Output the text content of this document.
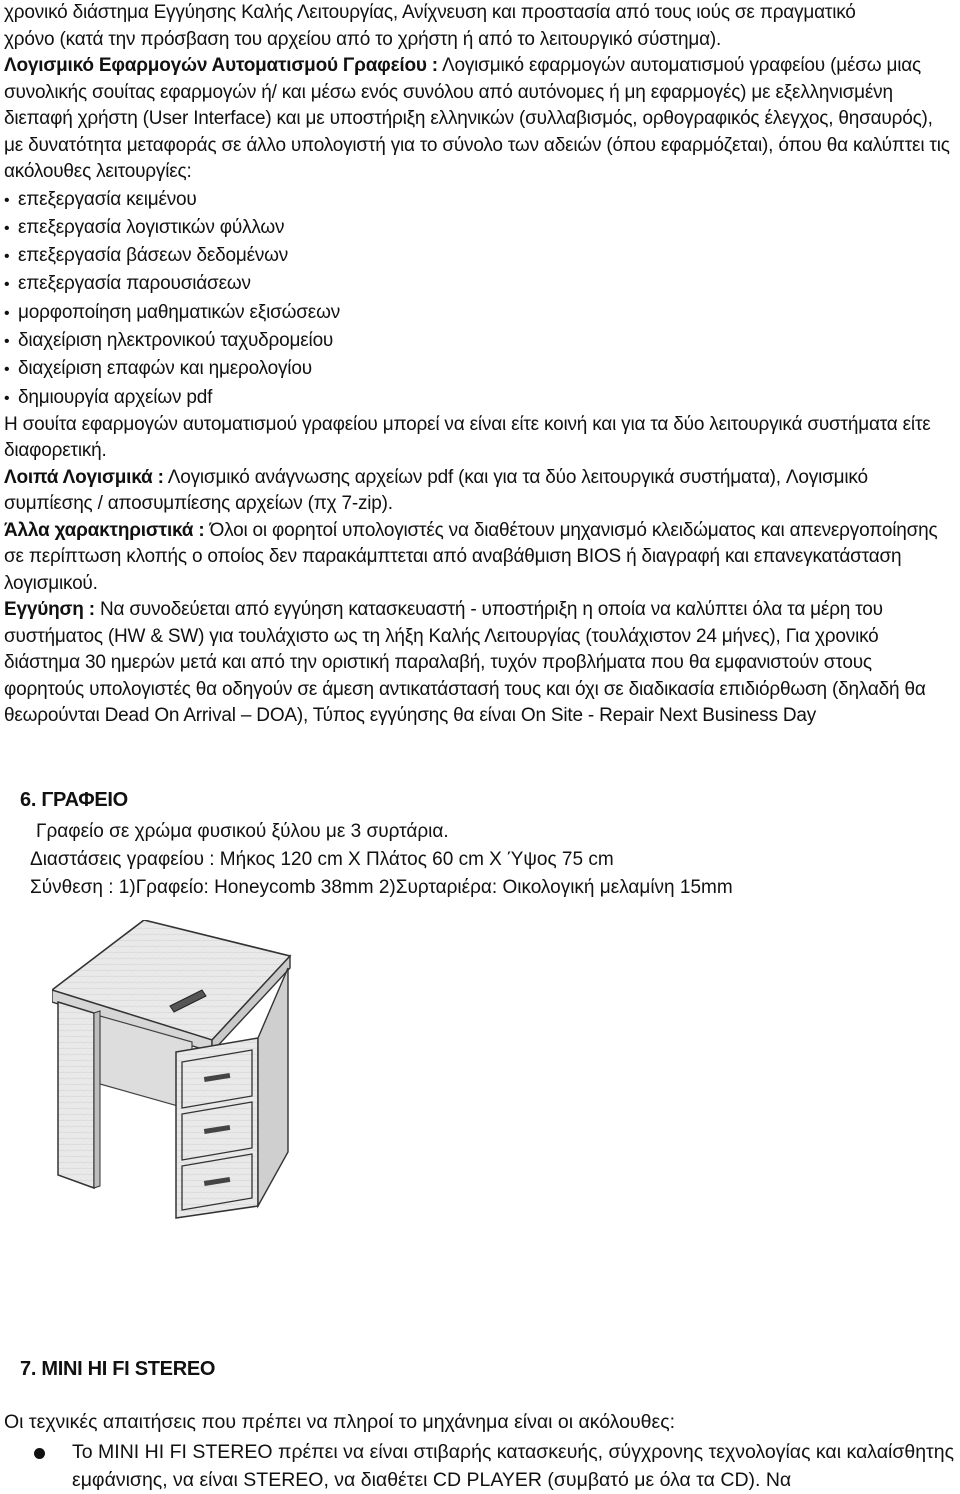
χρονικό διάστημα Εγγύησης Καλής Λειτουργίας, Ανίχνευση και προστασία από τους ιούς σε πραγματικό

χρόνο (κατά την πρόσβαση του αρχείου από το χρήστη ή από το λειτουργικό σύστημα).

Λογισμικό Εφαρμογών Αυτοματισμού Γραφείου : Λογισμικό εφαρμογών αυτοματισμού γραφείου (μέσω μιας συνολικής σουίτας εφαρμογών ή/ και μέσω ενός συνόλου από αυτόνομες ή μη εφαρμογές) με εξελληνισμένη διεπαφή χρήστη (User Interface) και με υποστήριξη ελληνικών (συλλαβισμός, ορθογραφικός έλεγχος, θησαυρός), με δυνατότητα μεταφοράς σε άλλο υπολογιστή για το σύνολο των αδειών (όπου εφαρμόζεται), όπου θα καλύπτει τις ακόλουθες λειτουργίες:

• επεξεργασία κειμένου
• επεξεργασία λογιστικών φύλλων
• επεξεργασία βάσεων δεδομένων
• επεξεργασία παρουσιάσεων
• μορφοποίηση μαθηματικών εξισώσεων
• διαχείριση ηλεκτρονικού ταχυδρομείου
• διαχείριση επαφών και ημερολογίου
• δημιουργία αρχείων pdf

Η σουίτα εφαρμογών αυτοματισμού γραφείου μπορεί να είναι είτε κοινή και για τα δύο λειτουργικά συστήματα είτε διαφορετική.

Λοιπά Λογισμικά : Λογισμικό ανάγνωσης αρχείων pdf (και για τα δύο λειτουργικά συστήματα), Λογισμικό συμπίεσης / αποσυμπίεσης αρχείων (πχ 7-zip).

Άλλα χαρακτηριστικά : Όλοι οι φορητοί υπολογιστές να διαθέτουν μηχανισμό κλειδώματος και απενεργοποίησης σε περίπτωση κλοπής ο οποίος δεν παρακάμπτεται από αναβάθμιση BIOS ή διαγραφή και επανεγκατάσταση λογισμικού.

Εγγύηση : Να συνοδεύεται από εγγύηση κατασκευαστή - υποστήριξη η οποία να καλύπτει όλα τα μέρη του συστήματος (HW & SW) για τουλάχιστο ως τη λήξη Καλής Λειτουργίας (τουλάχιστον 24 μήνες), Για χρονικό διάστημα 30 ημερών μετά και από την οριστική παραλαβή, τυχόν προβλήματα που θα εμφανιστούν στους φορητούς υπολογιστές θα οδηγούν σε άμεση αντικατάστασή τους και όχι σε διαδικασία επιδιόρθωση (δηλαδή θα θεωρούνται Dead On Arrival – DOA), Τύπος εγγύησης θα είναι On Site - Repair Next Business Day

6. ΓΡΑΦΕΙΟ
Γραφείο σε χρώμα φυσικού ξύλου με 3 συρτάρια.
Διαστάσεις γραφείου : Μήκος 120 cm Χ Πλάτος 60 cm Χ Ύψος 75 cm
Σύνθεση : 1)Γραφείο: Honeycomb 38mm 2)Συρταριέρα: Οικολογική μελαμίνη 15mm
7. MINI HI FI STEREO
Οι τεχνικές απαιτήσεις που πρέπει να πληροί το μηχάνημα είναι οι ακόλουθες:
Το MINI HI FI STEREO πρέπει να είναι στιβαρής κατασκευής, σύγχρονης τεχνολογίας και καλαίσθητης εμφάνισης, να είναι STEREO, να διαθέτει CD PLAYER (συμβατό με όλα τα CD). Να
